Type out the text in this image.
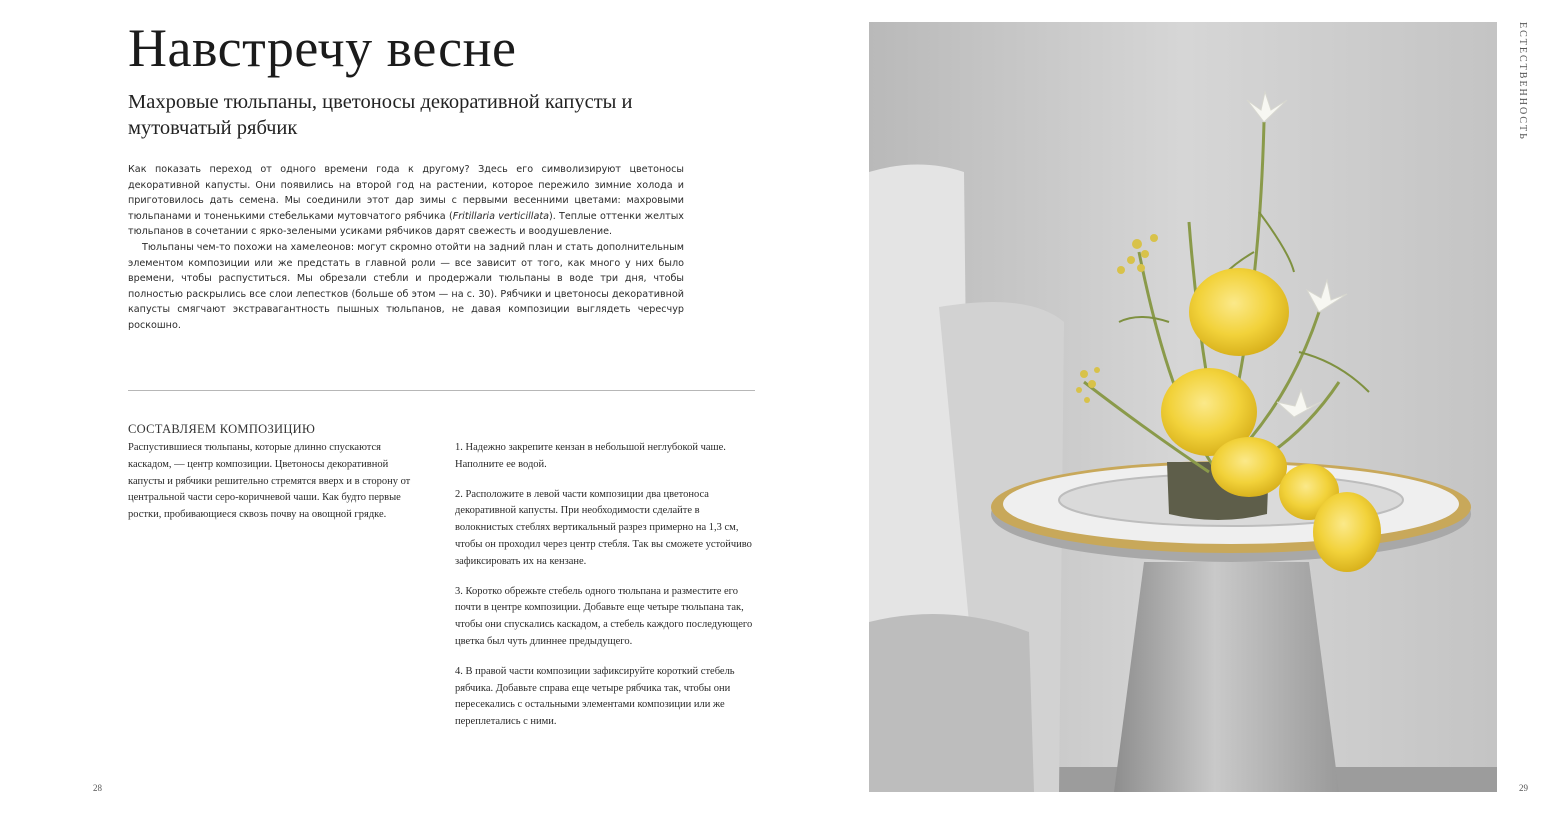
Навстречу весне
Махровые тюльпаны, цветоносы декоративной капусты и мутовчатый рябчик

Как показать переход от одного времени года к другому? Здесь его символизируют цветоносы декоративной капусты. Они появились на второй год на растении, которое пережило зимние холода и приготовилось дать семена. Мы соединили этот дар зимы с первыми весенними цветами: махровыми тюльпанами и тоненькими стебельками мутовчатого рябчика (Fritillaria verticillata). Теплые оттенки желтых тюльпанов в сочетании с ярко-зелеными усиками рябчиков дарят свежесть и воодушевление.

Тюльпаны чем-то похожи на хамелеонов: могут скромно отойти на задний план и стать дополнительным элементом композиции или же предстать в главной роли — все зависит от того, как много у них было времени, чтобы распуститься. Мы обрезали стебли и продержали тюльпаны в воде три дня, чтобы полностью раскрылись все слои лепестков (больше об этом — на с. 30). Рябчики и цветоносы декоративной капусты смягчают экстравагантность пышных тюльпанов, не давая композиции выглядеть чересчур роскошно.

СОСТАВЛЯЕМ КОМПОЗИЦИЮ

Распустившиеся тюльпаны, которые длинно спускаются каскадом, — центр композиции. Цветоносы декоративной капусты и рябчики решительно стремятся вверх и в сторону от центральной части серо-коричневой чаши. Как будто первые ростки, пробивающиеся сквозь почву на овощной грядке.

1. Надежно закрепите кензан в небольшой неглубокой чаше. Наполните ее водой.

2. Расположите в левой части композиции два цветоноса декоративной капусты. При необходимости сделайте в волокнистых стеблях вертикальный разрез примерно на 1,3 см, чтобы он проходил через центр стебля. Так вы сможете устойчиво зафиксировать их на кензане.

3. Коротко обрежьте стебель одного тюльпана и разместите его почти в центре композиции. Добавьте еще четыре тюльпана так, чтобы они спускались каскадом, а стебель каждого последующего цветка был чуть длиннее предыдущего.

4. В правой части композиции зафиксируйте короткий стебель рябчика. Добавьте справа еще четыре рябчика так, чтобы они пересекались с остальными элементами композиции или же переплетались с ними.

28	29
ЕСТЕСТВЕННОСТЬ
